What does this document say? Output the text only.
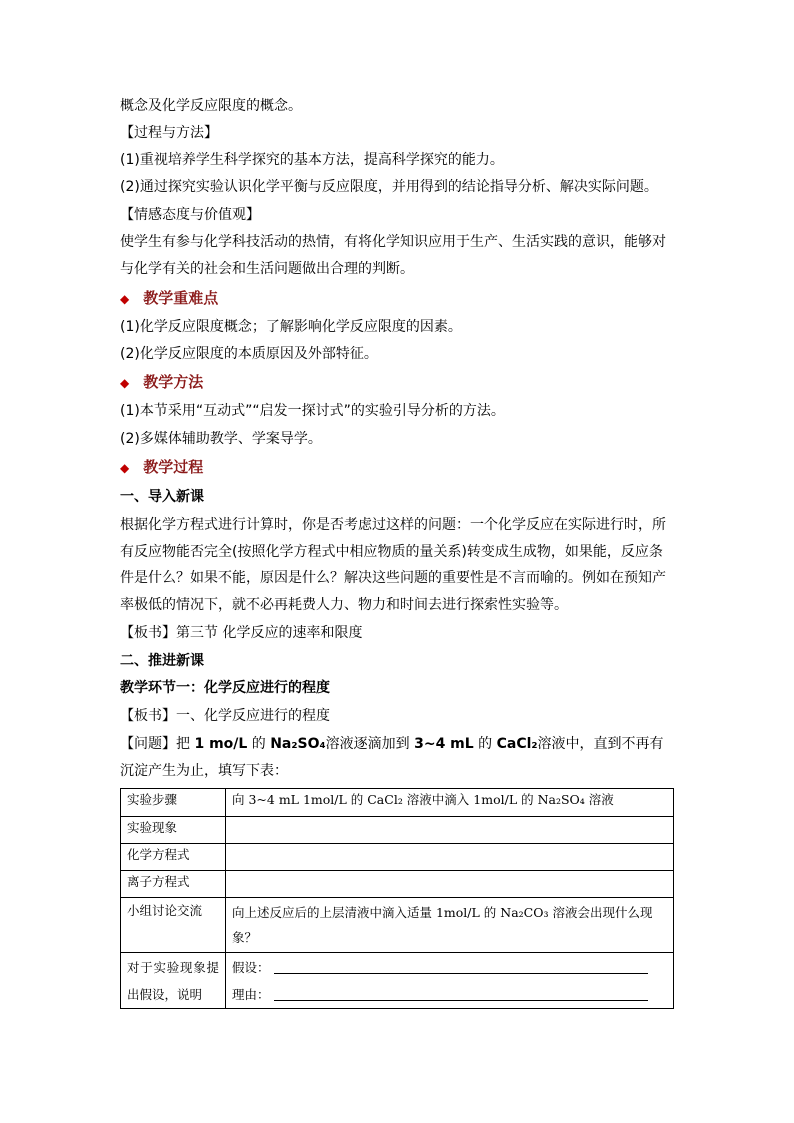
概念及化学反应限度的概念。
【过程与方法】
(1)重视培养学生科学探究的基本方法，提高科学探究的能力。
(2)通过探究实验认识化学平衡与反应限度，并用得到的结论指导分析、解决实际问题。
【情感态度与价值观】
使学生有参与化学科技活动的热情，有将化学知识应用于生产、生活实践的意识，能够对与化学有关的社会和生活问题做出合理的判断。
◆ 教学重难点
(1)化学反应限度概念；了解影响化学反应限度的因素。
(2)化学反应限度的本质原因及外部特征。
◆ 教学方法
(1)本节采用“互动式”“启发一探讨式”的实验引导分析的方法。
(2)多媒体辅助教学、学案导学。
◆ 教学过程
一、导入新课
根据化学方程式进行计算时，你是否考虑过这样的问题：一个化学反应在实际进行时，所有反应物能否完全(按照化学方程式中相应物质的量关系)转变成生成物，如果能，反应条件是什么？如果不能，原因是什么？解决这些问题的重要性是不言而喻的。例如在预知产率极低的情况下，就不必再耗费人力、物力和时间去进行探索性实验等。
【板书】第三节 化学反应的速率和限度
二、推进新课
教学环节一：化学反应进行的程度
【板书】一、化学反应进行的程度
【问题】把 1 mo/L 的 Na₂SO₄溶液逐滴加到 3~4 mL 的 CaCl₂溶液中，直到不再有沉淀产生为止，填写下表：
实验步骤	向 3~4 mL 1mol/L 的 CaCl₂ 溶液中滴入 1mol/L 的 Na₂SO₄ 溶液
实验现象	
化学方程式	
离子方程式	
小组讨论交流	向上述反应后的上层清液中滴入适量 1mol/L 的 Na₂CO₃ 溶液会出现什么现象？
对于实验现象提出假设，说明	假设：
理由：
